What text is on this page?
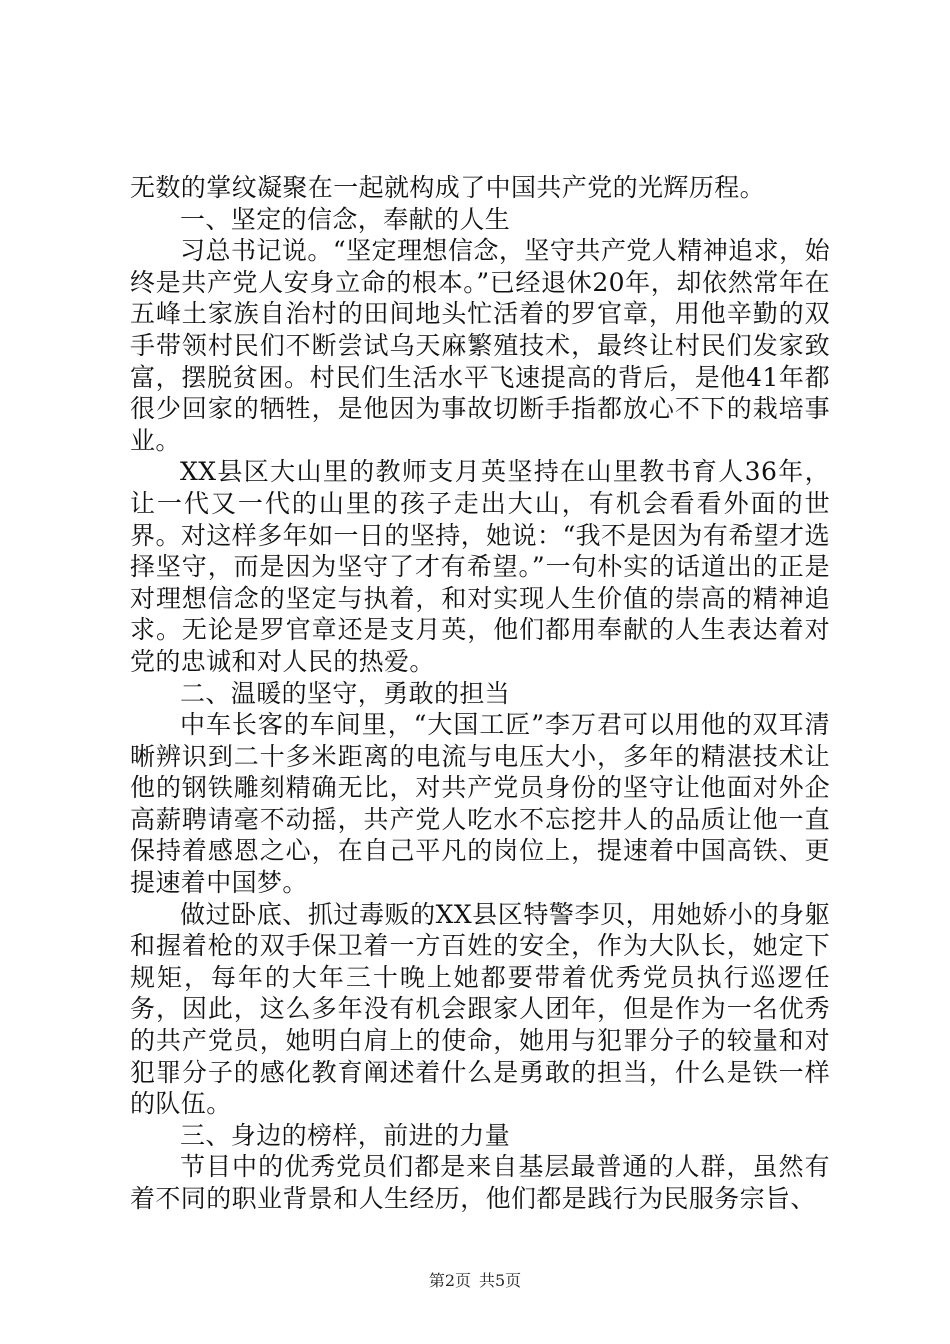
无数的掌纹凝聚在一起就构成了中国共产党的光辉历程。

一、坚定的信念，奉献的人生

习总书记说。“坚定理想信念，坚守共产党人精神追求，始终是共产党人安身立命的根本。”已经退休20年，却依然常年在五峰土家族自治村的田间地头忙活着的罗官章，用他辛勤的双手带领村民们不断尝试乌天麻繁殖技术，最终让村民们发家致富，摆脱贫困。村民们生活水平飞速提高的背后，是他41年都很少回家的牺牲，是他因为事故切断手指都放心不下的栽培事业。

XX县区大山里的教师支月英坚持在山里教书育人36年，让一代又一代的山里的孩子走出大山，有机会看看外面的世界。对这样多年如一日的坚持，她说：“我不是因为有希望才选择坚守，而是因为坚守了才有希望。”一句朴实的话道出的正是对理想信念的坚定与执着，和对实现人生价值的崇高的精神追求。无论是罗官章还是支月英，他们都用奉献的人生表达着对党的忠诚和对人民的热爱。

二、温暖的坚守，勇敢的担当

中车长客的车间里，“大国工匠”李万君可以用他的双耳清晰辨识到二十多米距离的电流与电压大小，多年的精湛技术让他的钢铁雕刻精确无比，对共产党员身份的坚守让他面对外企高薪聘请毫不动摇，共产党人吃水不忘挖井人的品质让他一直保持着感恩之心，在自己平凡的岗位上，提速着中国高铁、更提速着中国梦。

做过卧底、抓过毒贩的XX县区特警李贝，用她娇小的身躯和握着枪的双手保卫着一方百姓的安全，作为大队长，她定下规矩，每年的大年三十晚上她都要带着优秀党员执行巡逻任务，因此，这么多年没有机会跟家人团年，但是作为一名优秀的共产党员，她明白肩上的使命，她用与犯罪分子的较量和对犯罪分子的感化教育阐述着什么是勇敢的担当，什么是铁一样的队伍。

三、身边的榜样，前进的力量

节目中的优秀党员们都是来自基层最普通的人群，虽然有着不同的职业背景和人生经历，他们都是践行为民服务宗旨、

第2页 共5页
